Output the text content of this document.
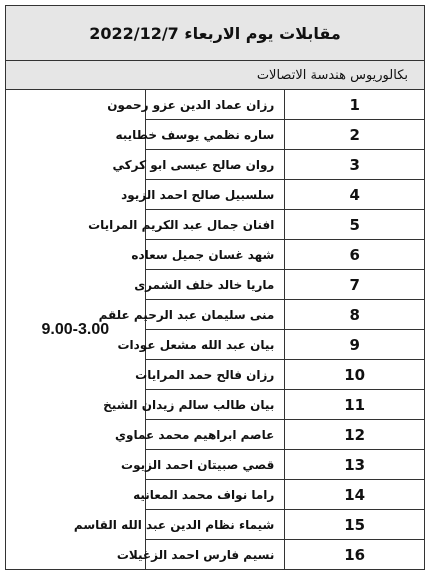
مقابلات يوم الاربعاء 2022/12/7		
بكالوريوس هندسة الاتصالات		
1	رزان عماد الدين عزو رحمون	9.00-3.00
2	ساره نظمي يوسف خطايبه	
3	روان صالح عيسى ابو كركي	
4	سلسبيل صالح احمد الزيود	
5	افنان جمال عبد الكريم المرايات	
6	شهد غسان جميل سعاده	
7	ماريا خالد خلف الشمرى	
8	منى سليمان عبد الرحيم علقم	
9	بيان عبد الله مشعل عودات	
10	رزان فالح حمد المرايات	
11	بيان طالب سالم زيدان الشيخ	
12	عاصم ابراهيم محمد عماوي	
13	قصي صبيتان احمد الزيوت	
14	راما نواف محمد المعانيه	
15	شيماء نظام الدين عبد الله القاسم	
16	نسيم فارس احمد الزغيلات	
